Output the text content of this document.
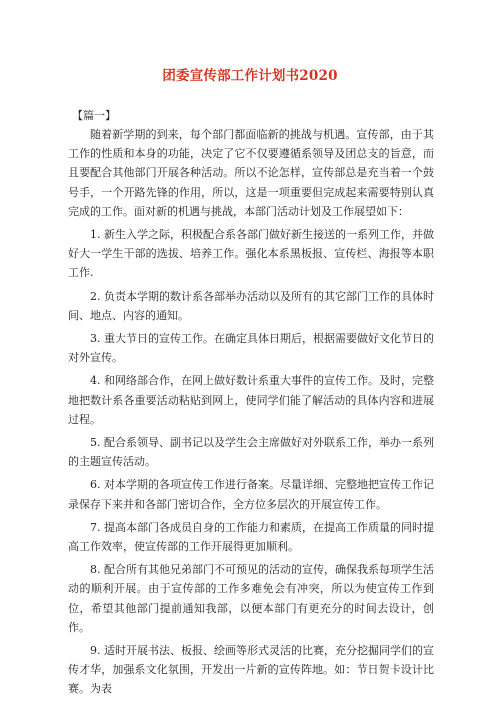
团委宣传部工作计划书2020
【篇一】

随着新学期的到来，每个部门都面临新的挑战与机遇。宣传部，由于其工作的性质和本身的功能，决定了它不仅要遵循系领导及团总支的旨意，而且要配合其他部门开展各种活动。所以不论怎样，宣传部总是充当着一个鼓号手，一个开路先锋的作用，所以，这是一项重要但完成起来需要特别认真完成的工作。面对新的机遇与挑战，本部门活动计划及工作展望如下：

1. 新生入学之际，积极配合系各部门做好新生接送的一系列工作，并做好大一学生干部的选拔、培养工作。强化本系黑板报、宣传栏、海报等本职工作.

2. 负责本学期的数计系各部举办活动以及所有的其它部门工作的具体时间、地点、内容的通知。

3. 重大节日的宣传工作。在确定具体日期后，根据需要做好文化节日的对外宣传。

4. 和网络部合作，在网上做好数计系重大事件的宣传工作。及时，完整地把数计系各重要活动粘贴到网上，使同学们能了解活动的具体内容和进展过程。

5. 配合系领导、副书记以及学生会主席做好对外联系工作，举办一系列的主题宣传活动。

6. 对本学期的各项宣传工作进行备案。尽量详细、完整地把宣传工作记录保存下来并和各部门密切合作，全方位多层次的开展宣传工作。

7. 提高本部门各成员自身的工作能力和素质，在提高工作质量的同时提高工作效率，使宣传部的工作开展得更加顺利。

8. 配合所有其他兄弟部门不可预见的活动的宣传，确保我系每项学生活动的顺利开展。由于宣传部的工作多难免会有冲突，所以为使宣传工作到位，希望其他部门提前通知我部，以便本部门有更充分的时间去设计，创作。

9. 适时开展书法、板报、绘画等形式灵活的比赛，充分挖掘同学们的宣传才华，加强系文化氛围，开发出一片新的宣传阵地。如：节日贺卡设计比赛。为表
